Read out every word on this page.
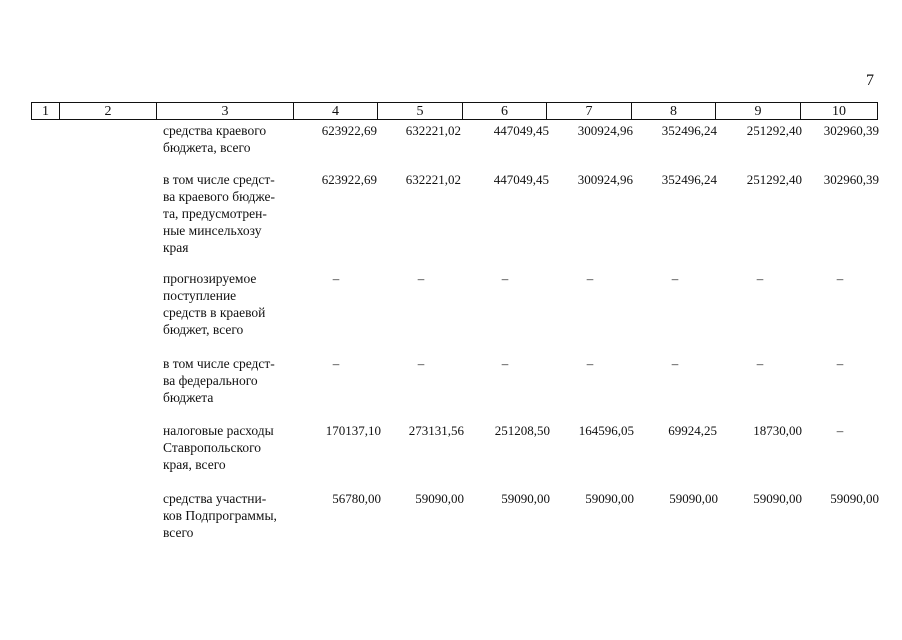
7
1	2	3	4	5	6	7	8	9	10
средства краевого
бюджета, всего
623922,69	632221,02	447049,45	300924,96	352496,24	251292,40	302960,39
в том числе средст-
ва краевого бюдже-
та, предусмотрен-
ные минсельхозу
края
623922,69	632221,02	447049,45	300924,96	352496,24	251292,40	302960,39
прогнозируемое
поступление
средств в краевой
бюджет, всего
–	–	–	–	–	–	–
в том числе средст-
ва федерального
бюджета
–	–	–	–	–	–	–
налоговые расходы
Ставропольского
края, всего
170137,10	273131,56	251208,50	164596,05	69924,25	18730,00	–
средства участни-
ков Подпрограммы,
всего
56780,00	59090,00	59090,00	59090,00	59090,00	59090,00	59090,00
